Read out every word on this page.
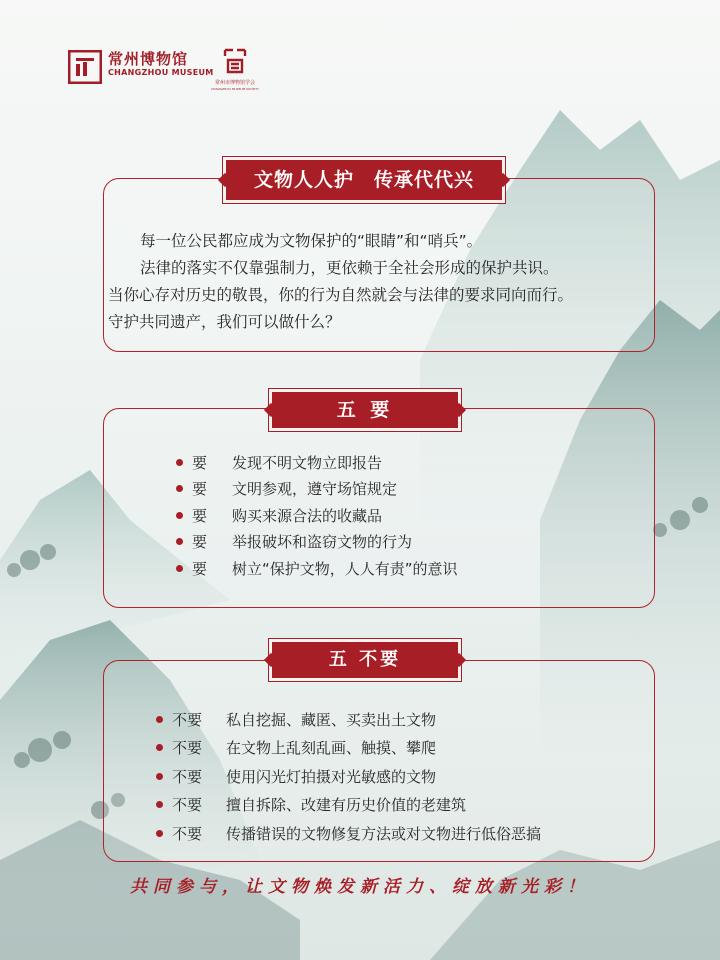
常州博物馆
CHANGZHOU MUSEUM
常州市博物馆学会
CHANGZHOU MUSEUM SOCIETY
文物人人护　传承代代兴

每一位公民都应成为文物保护的“眼睛”和“哨兵”。

法律的落实不仅靠强制力，更依赖于全社会形成的保护共识。

当你心存对历史的敬畏，你的行为自然就会与法律的要求同向而行。

守护共同遗产，我们可以做什么？

五 要
要	发现不明文物立即报告
要	文明参观，遵守场馆规定
要	购买来源合法的收藏品
要	举报破坏和盗窃文物的行为
要	树立“保护文物，人人有责”的意识
五 不要
不要	私自挖掘、藏匿、买卖出土文物
不要	在文物上乱刻乱画、触摸、攀爬
不要	使用闪光灯拍摄对光敏感的文物
不要	擅自拆除、改建有历史价值的老建筑
不要	传播错误的文物修复方法或对文物进行低俗恶搞
共同参与，让文物焕发新活力、绽放新光彩！
